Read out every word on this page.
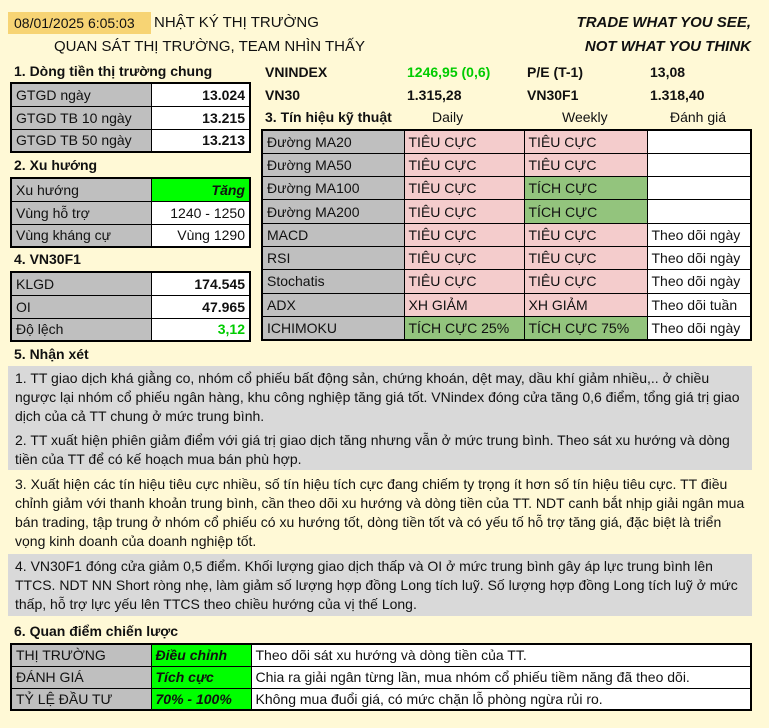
08/01/2025 6:05:03	NHẬT KÝ THỊ TRƯỜNG
QUAN SÁT THỊ TRƯỜNG, TEAM NHÌN THẤY
TRADE WHAT YOU SEE,
NOT WHAT YOU THINK
1. Dòng tiền thị trường chung
GTGD ngày	13.024
GTGD TB 10 ngày	13.215
GTGD TB 50 ngày	13.213
2. Xu hướng
Xu hướng	Tăng
Vùng hỗ trợ	1240 - 1250
Vùng kháng cự	Vùng 1290
4. VN30F1
KLGD	174.545
OI	47.965
Độ lệch	3,12
VNINDEX	1246,95 (0,6)	P/E (T-1)	13,08
VN30	1.315,28	VN30F1	1.318,40
3. Tín hiệu kỹ thuật	Daily	Weekly	Đánh giá
Đường MA20	TIÊU CỰC	TIÊU CỰC	
Đường MA50	TIÊU CỰC	TIÊU CỰC	
Đường MA100	TIÊU CỰC	TÍCH CỰC	
Đường MA200	TIÊU CỰC	TÍCH CỰC	
MACD	TIÊU CỰC	TIÊU CỰC	Theo dõi ngày
RSI	TIÊU CỰC	TIÊU CỰC	Theo dõi ngày
Stochatis	TIÊU CỰC	TIÊU CỰC	Theo dõi ngày
ADX	XH GIẢM	XH GIẢM	Theo dõi tuần
ICHIMOKU	TÍCH CỰC 25%	TÍCH CỰC 75%	Theo dõi ngày
5. Nhận xét
1. TT giao dịch khá giằng co, nhóm cổ phiếu bất động sản, chứng khoán, dệt may, dầu khí giảm nhiều,.. ở chiều ngược lại nhóm cổ phiếu ngân hàng, khu công nghiệp tăng giá tốt. VNindex đóng cửa tăng 0,6 điểm, tổng giá trị giao dịch của cả TT chung ở mức trung bình.
2. TT xuất hiện phiên giảm điểm với giá trị giao dịch tăng nhưng vẫn ở mức trung bình. Theo sát xu hướng và dòng tiền của TT để có kế hoạch mua bán phù hợp.
3. Xuất hiện các tín hiệu tiêu cực nhiều, số tín hiệu tích cực đang chiếm ty trọng ít hơn số tín hiệu tiêu cực. TT điều chỉnh giảm với thanh khoản trung bình, cần theo dõi xu hướng và dòng tiền của TT. NDT canh bắt nhịp giải ngân mua bán trading, tập trung ở nhóm cổ phiếu có xu hướng tốt, dòng tiền tốt và có yếu tố hỗ trợ tăng giá, đặc biệt là triển vọng kinh doanh của doanh nghiệp tốt.
4. VN30F1 đóng cửa giảm 0,5 điểm. Khối lượng giao dịch thấp và OI ở mức trung bình gây áp lực trung bình lên TTCS. NDT NN Short ròng nhẹ, làm giảm số lượng hợp đồng Long tích luỹ. Số lượng hợp đồng Long tích luỹ ở mức thấp, hỗ trợ lực yếu lên TTCS theo chiều hướng của vị thế Long.
6. Quan điểm chiến lược
THỊ TRƯỜNG	Điều chỉnh	Theo dõi sát xu hướng và dòng tiền của TT.
ĐÁNH GIÁ	Tích cực	Chia ra giải ngân từng lần, mua nhóm cổ phiếu tiềm năng đã theo dõi.
TỶ LỆ ĐẦU TƯ	70% - 100%	Không mua đuổi giá, có mức chặn lỗ phòng ngừa rủi ro.
